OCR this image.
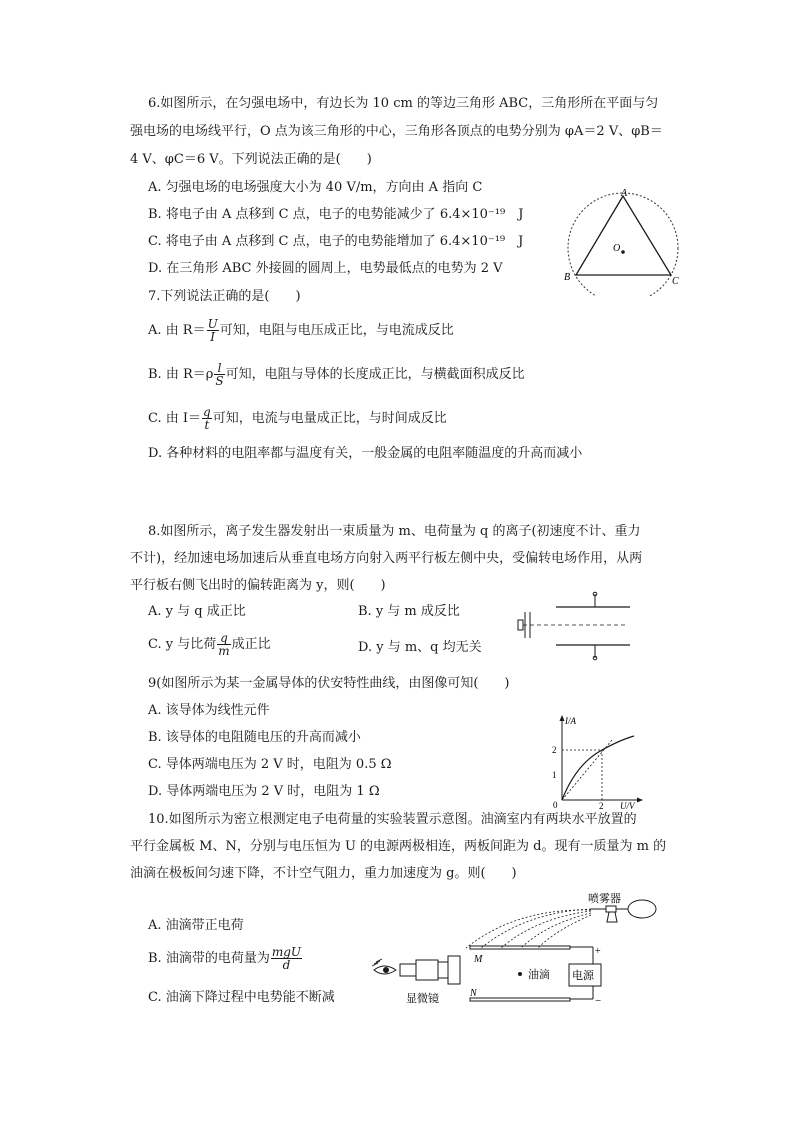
6.如图所示，在匀强电场中，有边长为 10 cm 的等边三角形 ABC，三角形所在平面与匀
强电场的电场线平行，O 点为该三角形的中心，三角形各顶点的电势分别为 φA＝2 V、φB＝
4 V、φC＝6 V。下列说法正确的是(　　)
A. 匀强电场的电场强度大小为 40 V/m，方向由 A 指向 C
B. 将电子由 A 点移到 C 点，电子的电势能减少了 6.4×10⁻¹⁹　J
C. 将电子由 A 点移到 C 点，电子的电势能增加了 6.4×10⁻¹⁹　J
D. 在三角形 ABC 外接圆的圆周上，电势最低点的电势为 2 V
A
B	C
O
7.下列说法正确的是(　　)
A. 由 $R= \frac{U}{I}$ 可知，电阻与电压成正比，与电流成反比
B. 由 $R=\rho \frac{l}{S}$ 可知，电阻与导体的长度成正比，与横截面积成反比
C. 由 $I= \frac{q}{t}$ 可知，电流与电量成正比，与时间成反比
D. 各种材料的电阻率都与温度有关，一般金属的电阻率随温度的升高而减小
8.如图所示，离子发生器发射出一束质量为 m、电荷量为 q 的离子(初速度不计、重力
不计)，经加速电场加速后从垂直电场方向射入两平行板左侧中央，受偏转电场作用，从两
平行板右侧飞出时的偏转距离为 y，则(　　)
A. y 与 q 成正比	B. y 与 m 成反比
C. y 与比荷 $\frac{q}{m}$ 成正比	D. y 与 m、q 均无关
9(如图所示为某一金属导体的伏安特性曲线，由图像可知(　　)
A. 该导体为线性元件
B. 该导体的电阻随电压的升高而减小
C. 导体两端电压为 2 V 时，电阻为 0.5 Ω
D. 导体两端电压为 2 V 时，电阻为 1 Ω
I/A
U/V
2
1
2
0
10.如图所示为密立根测定电子电荷量的实验装置示意图。油滴室内有两块水平放置的
平行金属板 M、N，分别与电压恒为 U 的电源两极相连，两板间距为 d。现有一质量为 m 的
油滴在极板间匀速下降，不计空气阻力，重力加速度为 g。则(　　)
A. 油滴带正电荷
B. 油滴带的电荷量为 $\frac{\text{mgU}}{d}$
C. 油滴下降过程中电势能不断减
喷雾器
M
N
油滴 电源
+
−
显微镜
